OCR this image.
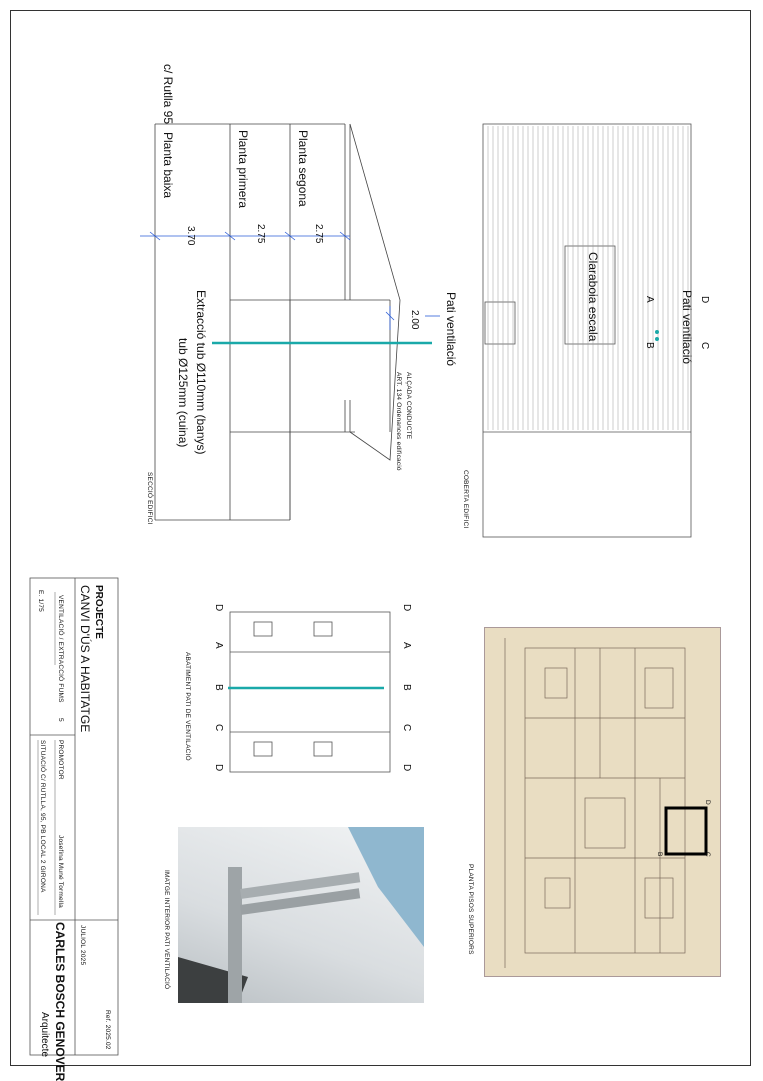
D
C
B
c/ Rutlla 95
Planta baixa	Planta primera	Planta segona
3.70	2.75	2.75
Pati ventilació
2.00
Extracció tub Ø110mm (banys)
tub Ø125mm (cuina)	ALÇADA CONDUCTE
ART. 134 Ordenances edificació
SECCIÓ EDIFICI
Claraboia escala	Pati ventilació D
C
A
B
COBERTA EDIFICI
D
A
B
C
D
D
A
B
C
D
ABATIMENT PATI DE VENTILACIÓ
PLANTA PISOS SUPERIORS
IMATGE INTERIOR PATI VENTILACIÓ
PROJECTE
CANVI D'ÚS A HABITATGE
VENTILACIÓ / EXTRACCIÓ FUMS
5
E. 1/75
PROMOTOR
Josefina Muné Tormella
SITUACIÓ
C/ RUTLLA, 95, PB LOCAL 2 GIRONA
CARLES BOSCH GENOVER
Arquitecte	Ref. 2025.02
JULIOL 2025
